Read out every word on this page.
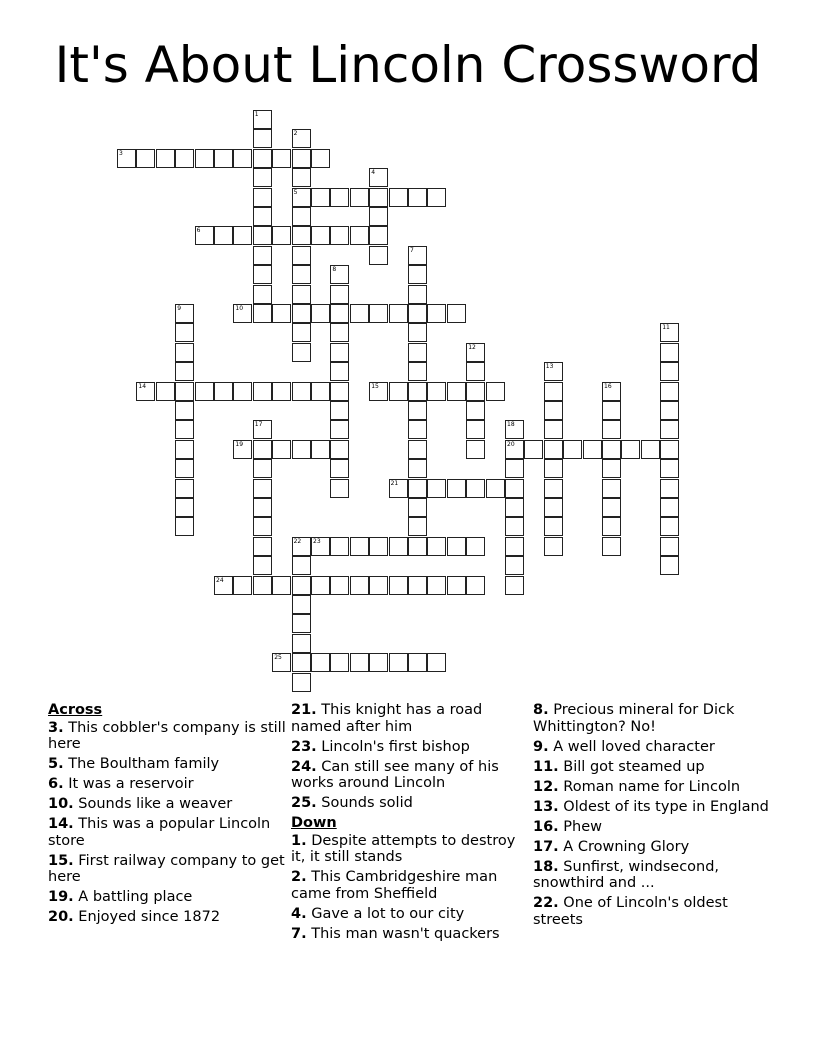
It's About Lincoln Crossword
1
2
5
3
4
6
7
8
9	10
11
12
13
14	15	16
17	18
20
19
21
22 23
24
25

Across

3. This cobbler's company is still here

5. The Boultham family

6. It was a reservoir

10. Sounds like a weaver

14. This was a popular Lincoln store

15. First railway company to get here

19. A battling place

20. Enjoyed since 1872

21. This knight has a road named after him

23. Lincoln's first bishop

24. Can still see many of his works around Lincoln

25. Sounds solid

Down

1. Despite attempts to destroy it, it still stands

2. This Cambridgeshire man came from Sheffield

4. Gave a lot to our city

7. This man wasn't quackers

8. Precious mineral for Dick Whittington? No!

9. A well loved character

11. Bill got steamed up

12. Roman name for Lincoln

13. Oldest of its type in England

16. Phew

17. A Crowning Glory

18. Sunfirst, windsecond, snowthird and ...

22. One of Lincoln's oldest streets
